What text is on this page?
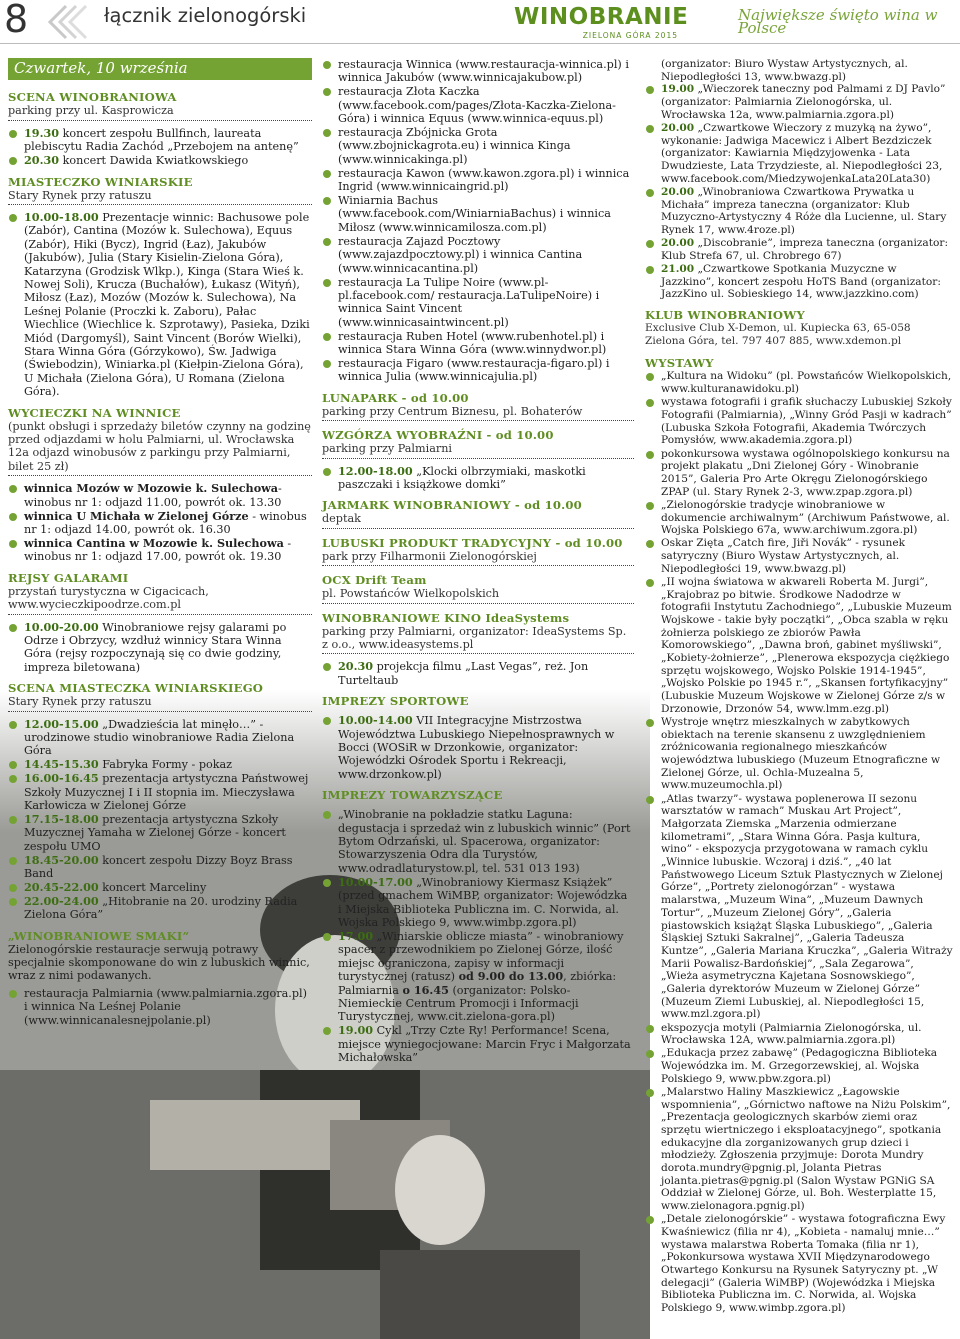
8	łącznik zielonogórski	WINOBRANIE
ZIELONA GÓRA 2015
Największe święto wina w Polsce
Czwartek, 10 września
SCENA WINOBRANIOWA
parking przy ul. Kasprowicza
19.30 koncert zespołu Bullfinch, laureata plebiscytu Radia Zachód „Przebojem na antenę”
20.30 koncert Dawida Kwiatkowskiego
MIASTECZKO WINIARSKIE
Stary Rynek przy ratuszu
10.00-18.00 Prezentacje winnic: Bachusowe pole (Zabór), Cantina (Mozów k. Sulechowa), Equus (Zabór), Hiki (Bycz), Ingrid (Łaz), Jakubów (Jakubów), Julia (Stary Kisielin-Zielona Góra), Katarzyna (Grodzisk Wlkp.), Kinga (Stara Wieś k. Nowej Soli), Krucza (Buchałów), Łukasz (Wityń), Miłosz (Łaz), Mozów (Mozów k. Sulechowa), Na Leśnej Polanie (Proczki k. Zaboru), Pałac Wiechlice (Wiechlice k. Szprotawy), Pasieka, Dziki Miód (Dargomyśl), Saint Vincent (Borów Wielki), Stara Winna Góra (Górzykowo), Św. Jadwiga (Świebodzin), Winiarka.pl (Kiełpin-Zielona Góra), U Michała (Zielona Góra), U Romana (Zielona Góra).
WYCIECZKI NA WINNICE
(punkt obsługi i sprzedaży biletów czynny na godzinę przed odjazdami w holu Palmiarni, ul. Wrocławska 12a odjazd winobusów z parkingu przy Palmiarni, bilet 25 zł)
winnica Mozów w Mozowie k. Sulechowa- winobus nr 1: odjazd 11.00, powrót ok. 13.30
winnica U Michała w Zielonej Górze - winobus nr 1: odjazd 14.00, powrót ok. 16.30
winnica Cantina w Mozowie k. Sulechowa - winobus nr 1: odjazd 17.00, powrót ok. 19.30
REJSY GALARAMI
przystań turystyczna w Cigacicach, www.wycieczkipoodrze.com.pl
10.00-20.00 Winobraniowe rejsy galarami po Odrze i Obrzycy, wzdłuż winnicy Stara Winna Góra (rejsy rozpoczynają się co dwie godziny, impreza biletowana)
SCENA MIASTECZKA WINIARSKIEGO
Stary Rynek przy ratuszu
12.00-15.00 „Dwadzieścia lat minęło…” - urodzinowe studio winobraniowe Radia Zielona Góra
14.45-15.30 Fabryka Formy - pokaz
16.00-16.45 prezentacja artystyczna Państwowej Szkoły Muzycznej I i II stopnia im. Mieczysława Karłowicza w Zielonej Górze
17.15-18.00 prezentacja artystyczna Szkoły Muzycznej Yamaha w Zielonej Górze - koncert zespołu UMO
18.45-20.00 koncert zespołu Dizzy Boyz Brass Band
20.45-22.00 koncert Marceliny
22.00-24.00 „Hitobranie na 20. urodziny Radia Zielona Góra”
„WINOBRANIOWE SMAKI”
Zielonogórskie restauracje serwują potrawy specjalnie skomponowane do win z lubuskich winnic, wraz z nimi podawanych.
restauracja Palmiarnia (www.palmiarnia.zgora.pl) i winnica Na Leśnej Polanie (www.winnicanalesnejpolanie.pl)
restauracja Winnica (www.restauracja-winnica.pl) i winnica Jakubów (www.winnicajakubow.pl)
restauracja Złota Kaczka (www.facebook.com/pages/Złota-Kaczka-Zielona-Góra) i winnica Equus (www.winnica-equus.pl)
restauracja Zbójnicka Grota (www.zbojnickagrota.eu) i winnica Kinga (www.winnicakinga.pl)
restauracja Kawon (www.kawon.zgora.pl) i winnica Ingrid (www.winnicaingrid.pl)
Winiarnia Bachus (www.facebook.com/WiniarniaBachus) i winnica Miłosz (www.winnicamilosza.com.pl)
restauracja Zajazd Pocztowy (www.zajazdpocztowy.pl) i winnica Cantina (www.winnicacantina.pl)
restauracja La Tulipe Noire (www.pl-pl.facebook.com/ restauracja.LaTulipeNoire) i winnica Saint Vincent (www.winnicasaintwincent.pl)
restauracja Ruben Hotel (www.rubenhotel.pl) i winnica Stara Winna Góra (www.winnydwor.pl)
restauracja Figaro (www.restauracja-figaro.pl) i winnica Julia (www.winnicajulia.pl)
LUNAPARK - od 10.00
parking przy Centrum Biznesu, pl. Bohaterów
WZGÓRZA WYOBRAŹNI - od 10.00
parking przy Palmiarni
12.00-18.00 „Klocki olbrzymiaki, maskotki paszczaki i książkowe domki”
JARMARK WINOBRANIOWY - od 10.00
deptak
LUBUSKI PRODUKT TRADYCYJNY - od 10.00
park przy Filharmonii Zielonogórskiej
OCX Drift Team
pl. Powstańców Wielkopolskich
WINOBRANIOWE KINO IdeaSystems
parking przy Palmiarni, organizator: IdeaSystems Sp. z o.o., www.ideasystems.pl
20.30 projekcja filmu „Last Vegas”, reż. Jon Turteltaub
IMPREZY SPORTOWE
10.00-14.00 VII Integracyjne Mistrzostwa Województwa Lubuskiego Niepełnosprawnych w Bocci (WOSiR w Drzonkowie, organizator: Wojewódzki Ośrodek Sportu i Rekreacji, www.drzonkow.pl)
IMPREZY TOWARZYSZĄCE
„Winobranie na pokładzie statku Laguna: degustacja i sprzedaż win z lubuskich winnic” (Port Bytom Odrzański, ul. Spacerowa, organizator: Stowarzyszenia Odra dla Turystów, www.odradlaturystow.pl, tel. 531 013 193)
10.00-17.00 „Winobraniowy Kiermasz Książek” (przed gmachem WiMBP, organizator: Wojewódzka i Miejska Biblioteka Publiczna im. C. Norwida, al. Wojska Polskiego 9, www.wimbp.zgora.pl)
17.00 „Winiarskie oblicze miasta” - winobraniowy spacer z przewodnikiem po Zielonej Górze, ilość miejsc ograniczona, zapisy w informacji turystycznej (ratusz) od 9.00 do 13.00, zbiórka: Palmiarnia o 16.45 (organizator: Polsko-Niemieckie Centrum Promocji i Informacji Turystycznej, www.cit.zielona-gora.pl)
19.00 Cykl „Trzy Czte Ry! Performance! Scena, miejsce wyniegocjowane: Marcin Fryc i Małgorzata Michałowska”
(organizator: Biuro Wystaw Artystycznych, al. Niepodległości 13, www.bwazg.pl)
19.00 „Wieczorek taneczny pod Palmami z DJ Pavlo” (organizator: Palmiarnia Zielonogórska, ul. Wrocławska 12a, www.palmiarnia.zgora.pl)
20.00 „Czwartkowe Wieczory z muzyką na żywo”, wykonanie: Jadwiga Macewicz i Albert Bezdziczek (organizator: Kawiarnia Międzyjowenka - Lata Dwudzieste, Lata Trzydzieste, al. Niepodległości 23, www.facebook.com/MiedzywojenkaLata20Lata30)
20.00 „Winobraniowa Czwartkowa Prywatka u Michała” impreza taneczna (organizator: Klub Muzyczno-Artystyczny 4 Róże dla Lucienne, ul. Stary Rynek 17, www.4roze.pl)
20.00 „Discobranie”, impreza taneczna (organizator: Klub Strefa 67, ul. Chrobrego 67)
21.00 „Czwartkowe Spotkania Muzyczne w Jazzkino”, koncert zespołu HoTS Band (organizator: JazzKino ul. Sobieskiego 14, www.jazzkino.com)
KLUB WINOBRANIOWY
Exclusive Club X-Demon, ul. Kupiecka 63, 65-058 Zielona Góra, tel. 797 407 885, www.xdemon.pl
WYSTAWY
„Kultura na Widoku” (pl. Powstańców Wielkopolskich, www.kulturanawidoku.pl)
wystawa fotografii i grafik słuchaczy Lubuskiej Szkoły Fotografii (Palmiarnia), „Winny Gród Pasji w kadrach” (Lubuska Szkoła Fotografii, Akademia Twórczych Pomysłów, www.akademia.zgora.pl)
pokonkursowa wystawa ogólnopolskiego konkursu na projekt plakatu „Dni Zielonej Góry - Winobranie 2015”, Galeria Pro Arte Okręgu Zielonogórskiego ZPAP (ul. Stary Rynek 2-3, www.zpap.zgora.pl)
„Zielonogórskie tradycje winobraniowe w dokumencie archiwalnym” (Archiwum Państwowe, al. Wojska Polskiego 67a, www.archiwum.zgora.pl)
Oskar Zięta „Catch fire, Jiři Novák” - rysunek satyryczny (Biuro Wystaw Artystycznych, al. Niepodległości 19, www.bwazg.pl)
„II wojna światowa w akwareli Roberta M. Jurgi”, „Krajobraz po bitwie. Środkowe Nadodrze w fotografii Instytutu Zachodniego”, „Lubuskie Muzeum Wojskowe - takie były początki”, „Obca szabla w ręku żołnierza polskiego ze zbiorów Pawła Komorowskiego”, „Dawna broń, gabinet myśliwski”, „Kobiety-żołnierze”, „Plenerowa ekspozycja ciężkiego sprzętu wojskowego, Wojsko Polskie 1914-1945”, „Wojsko Polskie po 1945 r.”, „Skansen fortyfikacyjny” (Lubuskie Muzeum Wojskowe w Zielonej Górze z/s w Drzonowie, Drzonów 54, www.lmm.ezg.pl)
Wystroje wnętrz mieszkalnych w zabytkowych obiektach na terenie skansenu z uwzględnieniem zróżnicowania regionalnego mieszkańców województwa lubuskiego (Muzeum Etnograficzne w Zielonej Górze, ul. Ochla-Muzealna 5, www.muzeumochla.pl)
„Atlas twarzy”- wystawa poplenerowa II sezonu warsztatów w ramach” Muskau Art Project”, Małgorzata Ziemska „Marzenia odmierzane kilometrami”, „Stara Winna Góra. Pasja kultura, wino” - ekspozycja przygotowana w ramach cyklu „Winnice lubuskie. Wczoraj i dziś.”, „40 lat Państwowego Liceum Sztuk Plastycznych w Zielonej Górze”, „Portrety zielonogórzan” - wystawa malarstwa, „Muzeum Wina”, „Muzeum Dawnych Tortur”, „Muzeum Zielonej Góry”, „Galeria piastowskich książąt Śląska Lubuskiego”, „Galeria Śląskiej Sztuki Sakralnej”, „Galeria Tadeusza Kuntze”, „Galeria Mariana Kruczka”, „Galeria Witraży Marii Powalisz-Bardońskiej”, „Sala Zegarowa”, „Wieża asymetryczna Kajetana Sosnowskiego”, „Galeria dyrektorów Muzeum w Zielonej Górze” (Muzeum Ziemi Lubuskiej, al. Niepodległości 15, www.mzl.zgora.pl)
ekspozycja motyli (Palmiarnia Zielonogórska, ul. Wrocławska 12A, www.palmiarnia.zgora.pl)
„Edukacja przez zabawę” (Pedagogiczna Biblioteka Wojewódzka im. M. Grzegorzewskiej, al. Wojska Polskiego 9, www.pbw.zgora.pl)
„Malarstwo Haliny Maszkiewicz „Łagowskie wspomnienia”, „Górnictwo naftowe na Niżu Polskim”, „Prezentacja geologicznych skarbów ziemi oraz sprzętu wiertniczego i eksploatacyjnego”, spotkania edukacyjne dla zorganizowanych grup dzieci i młodzieży. Zgłoszenia przyjmuje: Dorota Mundry dorota.mundry@pgnig.pl, Jolanta Pietras jolanta.pietras@pgnig.pl (Salon Wystaw PGNiG SA Oddział w Zielonej Górze, ul. Boh. Westerplatte 15, www.zielonagora.pgnig.pl)
„Detale zielonogórskie” - wystawa fotograficzna Ewy Kwaśniewicz (filia nr 4), „Kobieta - namaluj mnie…” wystawa malarstwa Roberta Tomaka (filia nr 1), „Pokonkursowa wystawa XVII Międzynarodowego Otwartego Konkursu na Rysunek Satyryczny pt. „W delegacji” (Galeria WiMBP) (Wojewódzka i Miejska Biblioteka Publiczna im. C. Norwida, al. Wojska Polskiego 9, www.wimbp.zgora.pl)
